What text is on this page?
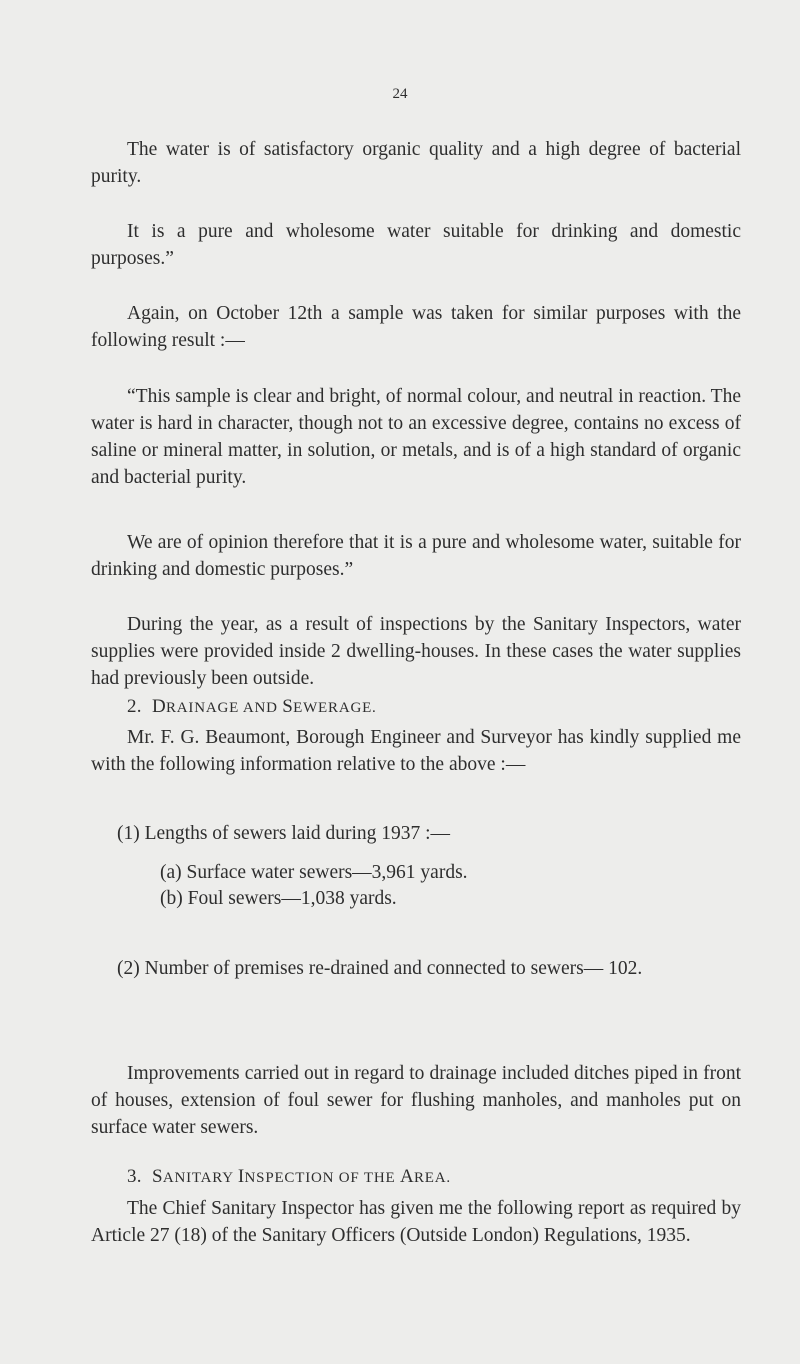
24

The water is of satisfactory organic quality and a high degree of bacterial purity.

It is a pure and wholesome water suitable for drinking and domestic purposes.”

Again, on October 12th a sample was taken for similar purposes with the following result :—

“This sample is clear and bright, of normal colour, and neutral in reaction. The water is hard in character, though not to an excessive degree, contains no excess of saline or mineral matter, in solution, or metals, and is of a high standard of organic and bacterial purity.

We are of opinion therefore that it is a pure and wholesome water, suitable for drinking and domestic purposes.”

During the year, as a result of inspections by the Sanitary Inspectors, water supplies were provided inside 2 dwelling-houses. In these cases the water supplies had previously been outside.

2. DRAINAGE AND SEWERAGE.

Mr. F. G. Beaumont, Borough Engineer and Surveyor has kindly supplied me with the following information relative to the above :—

(1) Lengths of sewers laid during 1937 :—

(a) Surface water sewers—3,961 yards.

(b) Foul sewers—1,038 yards.

(2) Number of premises re-drained and connected to sewers— 102.

Improvements carried out in regard to drainage included ditches piped in front of houses, extension of foul sewer for flushing manholes, and manholes put on surface water sewers.

3. SANITARY INSPECTION OF THE AREA.

The Chief Sanitary Inspector has given me the following report as required by Article 27 (18) of the Sanitary Officers (Outside London) Regulations, 1935.
